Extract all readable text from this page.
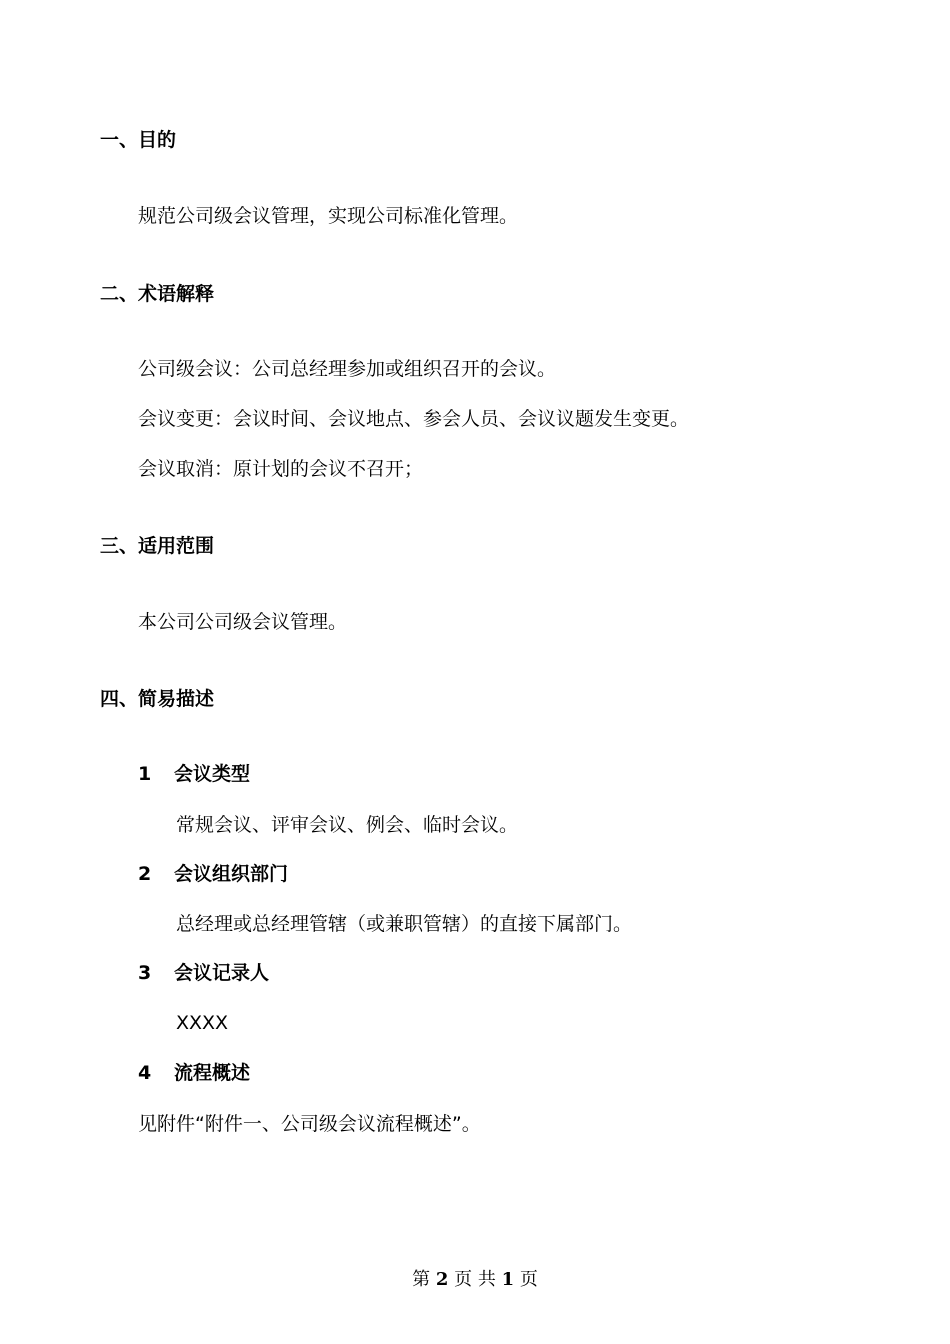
一、目的
规范公司级会议管理，实现公司标准化管理。
二、术语解释
公司级会议：公司总经理参加或组织召开的会议。
会议变更：会议时间、会议地点、参会人员、会议议题发生变更。
会议取消：原计划的会议不召开；
三、适用范围
本公司公司级会议管理。
四、简易描述
1 会议类型
常规会议、评审会议、例会、临时会议。
2 会议组织部门
总经理或总经理管辖（或兼职管辖）的直接下属部门。
3 会议记录人
XXXX
4 流程概述
见附件“附件一、公司级会议流程概述”。
第 2 页 共 1 页
